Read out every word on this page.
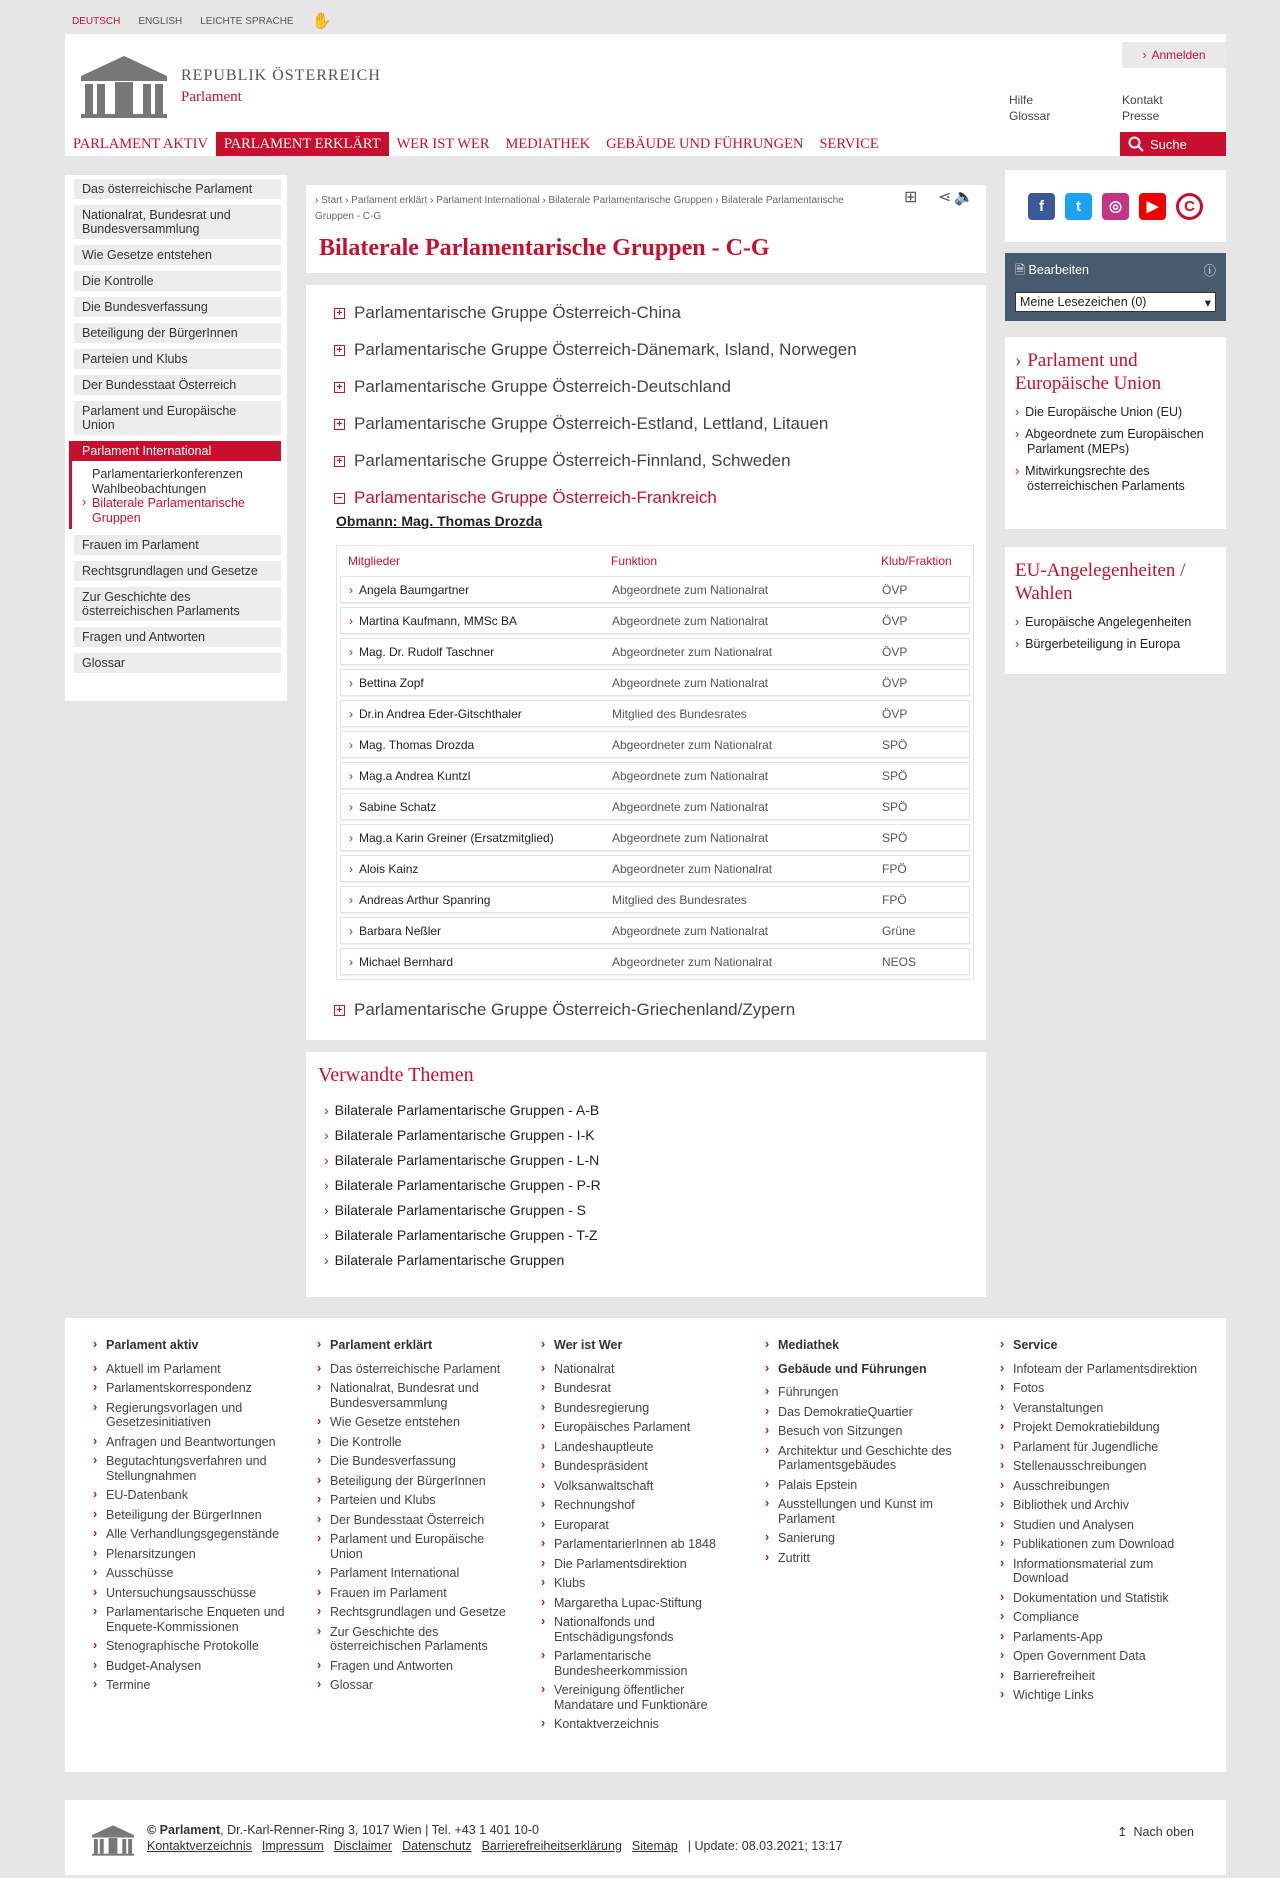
DEUTSCH ENGLISH LEICHTE SPRACHE ✋
REPUBLIK ÖSTERREICH
Parlament
› Anmelden
Hilfe
Glossar
Kontakt
Presse
PARLAMENT AKTIV	PARLAMENT ERKLÄRT	WER IST WER	MEDIATHEK	GEBÄUDE UND FÜHRUNGEN	SERVICE	Suche
Das österreichische Parlament
Nationalrat, Bundesrat und Bundesversammlung
Wie Gesetze entstehen
Die Kontrolle
Die Bundesverfassung
Beteiligung der BürgerInnen
Parteien und Klubs
Der Bundesstaat Österreich
Parlament und Europäische Union
Parlament International
Parlamentarierkonferenzen
Wahlbeobachtungen
› Bilaterale Parlamentarische Gruppen
Frauen im Parlament
Rechtsgrundlagen und Gesetze
Zur Geschichte des österreichischen Parlaments
Fragen und Antworten
Glossar
› Start › Parlament erklärt › Parlament International › Bilaterale Parlamentarische Gruppen › Bilaterale Parlamentarische Gruppen - C-G
⊞ ⋖ 🔈
Bilaterale Parlamentarische Gruppen - C-G
+ Parlamentarische Gruppe Österreich-China
+ Parlamentarische Gruppe Österreich-Dänemark, Island, Norwegen
+ Parlamentarische Gruppe Österreich-Deutschland
+ Parlamentarische Gruppe Österreich-Estland, Lettland, Litauen
+ Parlamentarische Gruppe Österreich-Finnland, Schweden
− Parlamentarische Gruppe Österreich-Frankreich
Obmann: Mag. Thomas Drozda
Mitglieder	Funktion	Klub/Fraktion
› Angela Baumgartner	Abgeordnete zum Nationalrat	ÖVP
› Martina Kaufmann, MMSc BA	Abgeordnete zum Nationalrat	ÖVP
› Mag. Dr. Rudolf Taschner	Abgeordneter zum Nationalrat	ÖVP
› Bettina Zopf	Abgeordnete zum Nationalrat	ÖVP
› Dr.in Andrea Eder-Gitschthaler	Mitglied des Bundesrates	ÖVP
› Mag. Thomas Drozda	Abgeordneter zum Nationalrat	SPÖ
› Mag.a Andrea Kuntzl	Abgeordnete zum Nationalrat	SPÖ
› Sabine Schatz	Abgeordnete zum Nationalrat	SPÖ
› Mag.a Karin Greiner (Ersatzmitglied)	Abgeordnete zum Nationalrat	SPÖ
› Alois Kainz	Abgeordneter zum Nationalrat	FPÖ
› Andreas Arthur Spanring	Mitglied des Bundesrates	FPÖ
› Barbara Neßler	Abgeordnete zum Nationalrat	Grüne
› Michael Bernhard	Abgeordneter zum Nationalrat	NEOS
+ Parlamentarische Gruppe Österreich-Griechenland/Zypern
Verwandte Themen
› Bilaterale Parlamentarische Gruppen - A-B
› Bilaterale Parlamentarische Gruppen - I-K
› Bilaterale Parlamentarische Gruppen - L-N
› Bilaterale Parlamentarische Gruppen - P-R
› Bilaterale Parlamentarische Gruppen - S
› Bilaterale Parlamentarische Gruppen - T-Z
› Bilaterale Parlamentarische Gruppen
f	t	◎	▶	C
🗎 Bearbeiten	ⓘ
Meine Lesezeichen (0)	▾
› Parlament und Europäische Union
› Die Europäische Union (EU)
› Abgeordnete zum Europäischen Parlament (MEPs)
› Mitwirkungsrechte des österreichischen Parlaments
EU-Angelegenheiten / Wahlen
› Europäische Angelegenheiten
› Bürgerbeteiligung in Europa
› Parlament aktiv
› Aktuell im Parlament
› Parlamentskorrespondenz
› Regierungsvorlagen und Gesetzesinitiativen
› Anfragen und Beantwortungen
› Begutachtungsverfahren und Stellungnahmen
› EU-Datenbank
› Beteiligung der BürgerInnen
› Alle Verhandlungsgegenstände
› Plenarsitzungen
› Ausschüsse
› Untersuchungsausschüsse
› Parlamentarische Enqueten und Enquete-Kommissionen
› Stenographische Protokolle
› Budget-Analysen
› Termine
› Parlament erklärt
› Das österreichische Parlament
› Nationalrat, Bundesrat und Bundesversammlung
› Wie Gesetze entstehen
› Die Kontrolle
› Die Bundesverfassung
› Beteiligung der BürgerInnen
› Parteien und Klubs
› Der Bundesstaat Österreich
› Parlament und Europäische Union
› Parlament International
› Frauen im Parlament
› Rechtsgrundlagen und Gesetze
› Zur Geschichte des österreichischen Parlaments
› Fragen und Antworten
› Glossar
› Wer ist Wer
› Nationalrat
› Bundesrat
› Bundesregierung
› Europäisches Parlament
› Landeshauptleute
› Bundespräsident
› Volksanwaltschaft
› Rechnungshof
› Europarat
› ParlamentarierInnen ab 1848
› Die Parlamentsdirektion
› Klubs
› Margaretha Lupac-Stiftung
› Nationalfonds und Entschädigungsfonds
› Parlamentarische Bundesheerkommission
› Vereinigung öffentlicher Mandatare und Funktionäre
› Kontaktverzeichnis
› Mediathek
› Gebäude und Führungen
› Führungen
› Das DemokratieQuartier
› Besuch von Sitzungen
› Architektur und Geschichte des Parlamentsgebäudes
› Palais Epstein
› Ausstellungen und Kunst im Parlament
› Sanierung
› Zutritt
› Service
› Infoteam der Parlamentsdirektion
› Fotos
› Veranstaltungen
› Projekt Demokratiebildung
› Parlament für Jugendliche
› Stellenausschreibungen
› Ausschreibungen
› Bibliothek und Archiv
› Studien und Analysen
› Publikationen zum Download
› Informationsmaterial zum Download
› Dokumentation und Statistik
› Compliance
› Parlaments-App
› Open Government Data
› Barrierefreiheit
› Wichtige Links
© Parlament, Dr.-Karl-Renner-Ring 3, 1017 Wien | Tel. +43 1 401 10-0
Kontaktverzeichnis Impressum Disclaimer Datenschutz Barrierefreiheitserklärung Sitemap | Update: 08.03.2021; 13:17
↥ Nach oben
